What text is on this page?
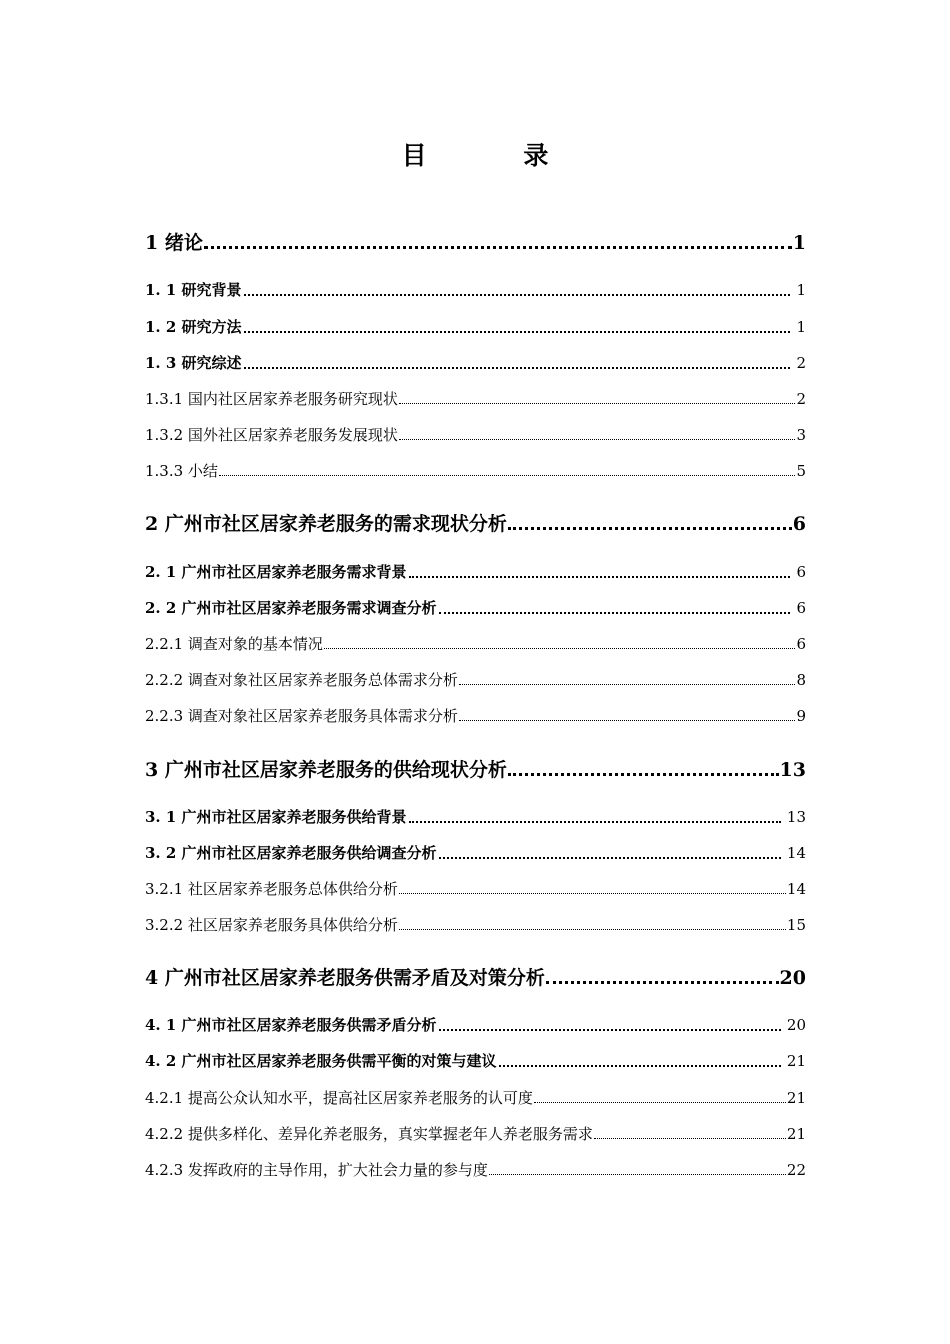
目 录
1 绪论	1
1. 1 研究背景	1
1. 2 研究方法	1
1. 3 研究综述	2
1.3.1 国内社区居家养老服务研究现状	2
1.3.2 国外社区居家养老服务发展现状	3
1.3.3 小结	5
2 广州市社区居家养老服务的需求现状分析	6
2. 1 广州市社区居家养老服务需求背景	6
2. 2 广州市社区居家养老服务需求调查分析	6
2.2.1 调查对象的基本情况	6
2.2.2 调查对象社区居家养老服务总体需求分析	8
2.2.3 调查对象社区居家养老服务具体需求分析	9
3 广州市社区居家养老服务的供给现状分析	13
3. 1 广州市社区居家养老服务供给背景	13
3. 2 广州市社区居家养老服务供给调查分析	14
3.2.1 社区居家养老服务总体供给分析	14
3.2.2 社区居家养老服务具体供给分析	15
4 广州市社区居家养老服务供需矛盾及对策分析	20
4. 1 广州市社区居家养老服务供需矛盾分析	20
4. 2 广州市社区居家养老服务供需平衡的对策与建议	21
4.2.1 提高公众认知水平，提高社区居家养老服务的认可度	21
4.2.2 提供多样化、差异化养老服务，真实掌握老年人养老服务需求	21
4.2.3 发挥政府的主导作用，扩大社会力量的参与度	22
